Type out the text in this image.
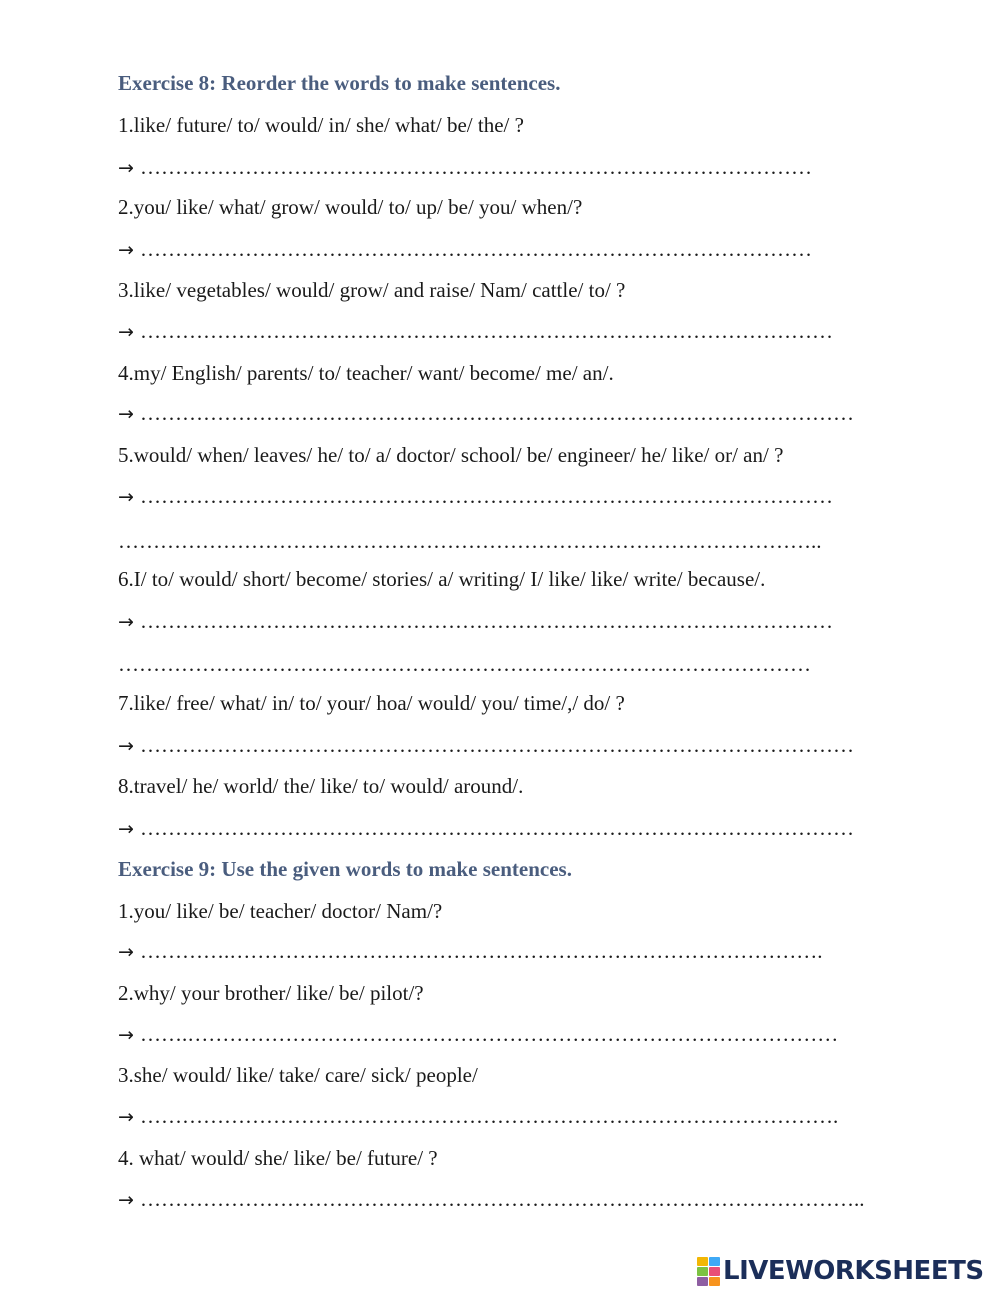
Exercise 8: Reorder the words to make sentences.
1.like/ future/ to/ would/ in/ she/ what/ be/ the/ ?
→ ……………………………………………………………………………………
2.you/ like/ what/ grow/ would/ to/ up/ be/ you/ when/?
→ ……………………………………………………………………………………
3.like/ vegetables/ would/ grow/ and raise/ Nam/ cattle/ to/ ?
→ ………………………………………………………………………………………
4.my/ English/ parents/ to/ teacher/ want/ become/ me/ an/.
→ …………………………………………………………………………………………
5.would/ when/ leaves/ he/ to/ a/ doctor/ school/ be/ engineer/ he/ like/ or/ an/ ?
→ ………………………………………………………………………………………
………………………………………………………………………………………..
6.I/ to/ would/ short/ become/ stories/ a/ writing/ I/ like/ like/ write/ because/.
→ ………………………………………………………………………………………
………………………………………………………………………………………
7.like/ free/ what/ in/ to/ your/ hoa/ would/ you/ time/,/ do/ ?
→ …………………………………………………………………………………………
8.travel/ he/ world/ the/ like/ to/ would/ around/.
→ …………………………………………………………………………………………
Exercise 9: Use the given words to make sentences.
1.you/ like/ be/ teacher/ doctor/ Nam/?
→ ………….………………………………………………………………………….
2.why/ your brother/ like/ be/ pilot/?
→ …….…………………………………………………………………………………
3.she/ would/ like/ take/ care/ sick/ people/
→ ……………………………………………………………………………………….
4. what/ would/ she/ like/ be/ future/ ?
→ …………………………………………………………………………………………..
LIVEWORKSHEETS
